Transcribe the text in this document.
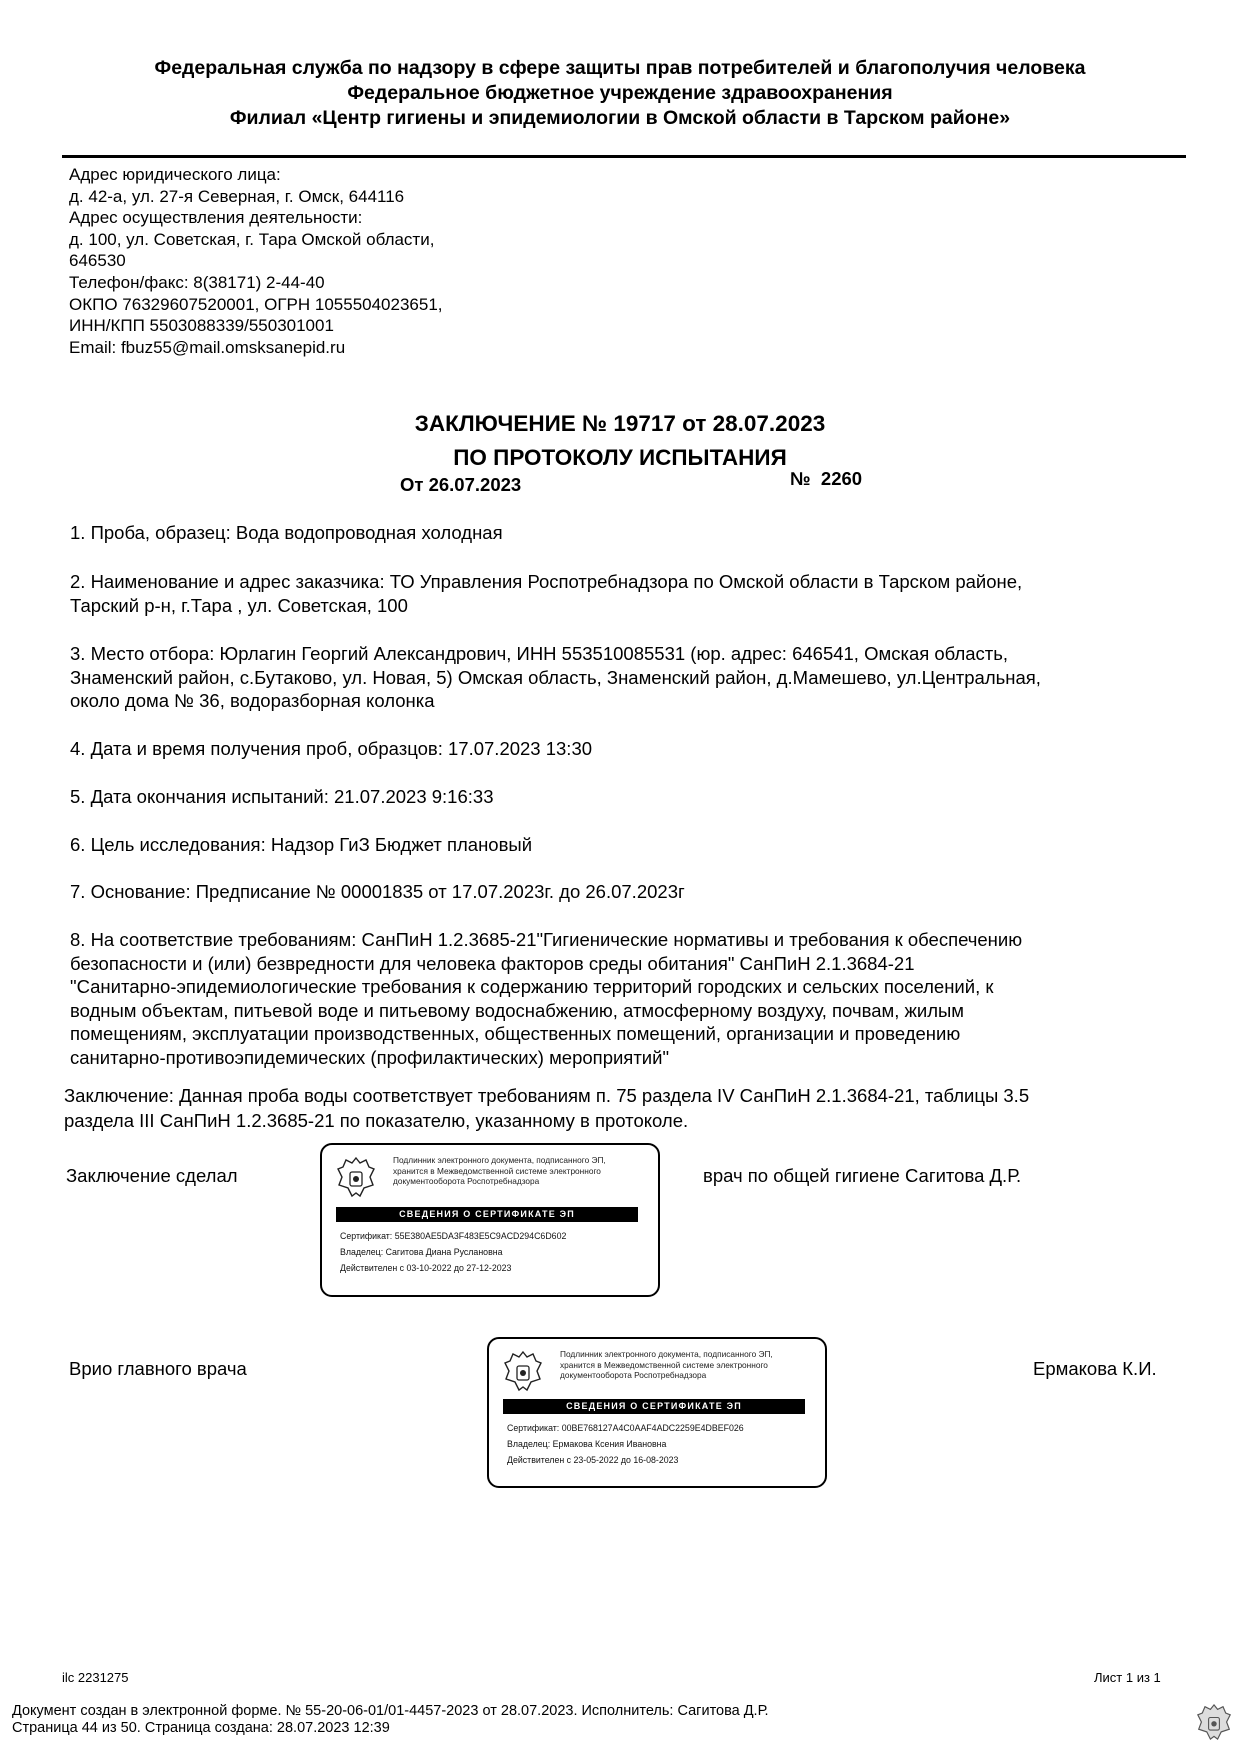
Федеральная служба по надзору в сфере защиты прав потребителей и благополучия человека
Федеральное бюджетное учреждение здравоохранения
Филиал «Центр гигиены и эпидемиологии в Омской области в Тарском районе»
Адрес юридического лица:
д. 42-а, ул. 27-я Северная, г. Омск, 644116
Адрес осуществления деятельности:
д. 100, ул. Советская, г. Тара Омской области,
646530
Телефон/факс: 8(38171) 2-44-40
ОКПО 76329607520001, ОГРН 1055504023651,
ИНН/КПП 5503088339/550301001
Email: fbuz55@mail.omsksanepid.ru
ЗАКЛЮЧЕНИЕ № 19717 от 28.07.2023
ПО ПРОТОКОЛУ ИСПЫТАНИЯ
От 26.07.2023	№  2260
1. Проба, образец: Вода водопроводная холодная
2. Наименование и адрес заказчика: ТО Управления Роспотребнадзора по Омской области в Тарском районе,
Тарский р-н, г.Тара , ул. Советская, 100
3. Место отбора: Юрлагин Георгий Александрович, ИНН 553510085531 (юр. адрес: 646541, Омская область,
Знаменский район, с.Бутаково, ул. Новая, 5) Омская область, Знаменский район, д.Мамешево, ул.Центральная,
около дома № 36, водоразборная колонка
4. Дата и время получения проб, образцов: 17.07.2023 13:30
5. Дата окончания испытаний: 21.07.2023 9:16:33
6. Цель исследования: Надзор ГиЗ Бюджет плановый
7. Основание: Предписание № 00001835 от 17.07.2023г. до 26.07.2023г
8. На соответствие требованиям: СанПиН 1.2.3685-21"Гигиенические нормативы и требования к обеспечению
безопасности и (или) безвредности для человека факторов среды обитания" СанПиН 2.1.3684-21
"Санитарно-эпидемиологические требования к содержанию территорий городских и сельских поселений, к
водным объектам, питьевой воде и питьевому водоснабжению, атмосферному воздуху, почвам, жилым
помещениям, эксплуатации производственных, общественных помещений, организации и проведению
санитарно-противоэпидемических (профилактических) мероприятий"
Заключение: Данная проба воды соответствует требованиям п. 75 раздела IV СанПиН 2.1.3684-21, таблицы 3.5
раздела III СанПиН 1.2.3685-21 по показателю, указанному в протоколе.
Заключение сделал
Подлинник электронного документа, подписанного ЭП,
хранится в Межведомственной системе электронного
документооборота Роспотребнадзора
СВЕДЕНИЯ О СЕРТИФИКАТЕ ЭП
Сертификат: 55E380AE5DA3F483E5C9ACD294C6D602
Владелец: Сагитова Диана Руслановна
Действителен с 03-10-2022 до 27-12-2023
врач по общей гигиене Сагитова Д.Р.
Врио главного врача
Подлинник электронного документа, подписанного ЭП,
хранится в Межведомственной системе электронного
документооборота Роспотребнадзора
СВЕДЕНИЯ О СЕРТИФИКАТЕ ЭП
Сертификат: 00BE768127A4C0AAF4ADC2259E4DBEF026
Владелец: Ермакова Ксения Ивановна
Действителен с 23-05-2022 до 16-08-2023
Ермакова К.И.
ilc 2231275	Лист 1 из 1
Документ создан в электронной форме. № 55-20-06-01/01-4457-2023 от 28.07.2023. Исполнитель: Сагитова Д.Р.
Страница 44 из 50. Страница создана: 28.07.2023 12:39
